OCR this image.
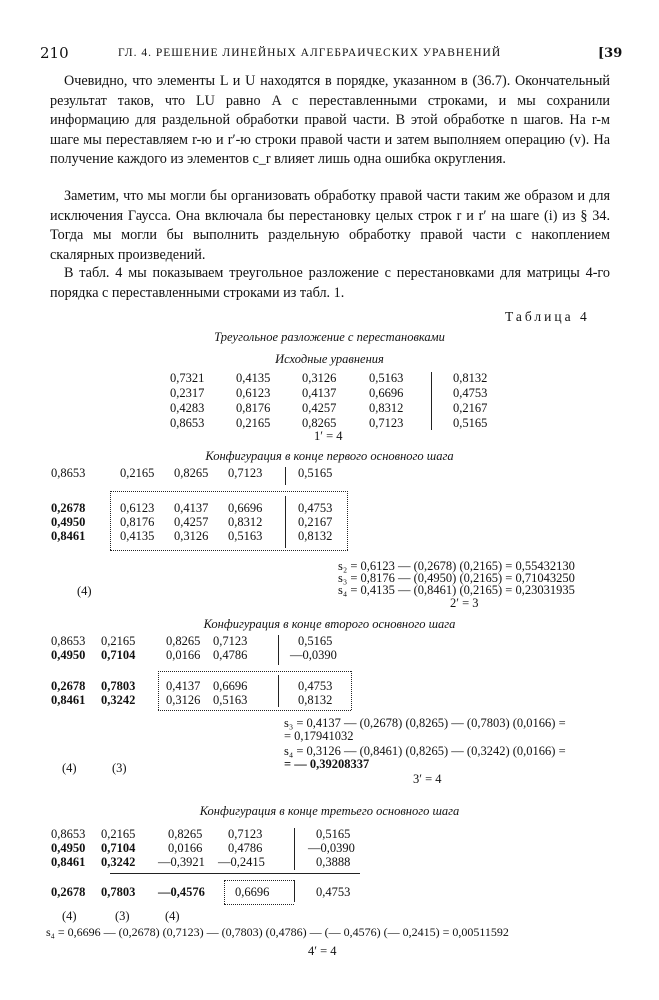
210	ГЛ. 4. РЕШЕНИЕ ЛИНЕЙНЫХ АЛГЕБРАИЧЕСКИХ УРАВНЕНИЙ	[39
Очевидно, что элементы L и U находятся в порядке, указанном в (36.7). Окончательный результат таков, что LU равно A с переставленными строками, и мы сохранили информацию для раздельной обработки правой части. В этой обработке n шагов. На r-м шаге мы переставляем r-ю и r′-ю строки правой части и затем выполняем операцию (v). На получение каждого из элементов c_r влияет лишь одна ошибка округления.
Заметим, что мы могли бы организовать обработку правой части таким же образом и для исключения Гаусса. Она включала бы перестановку целых строк r и r′ на шаге (i) из § 34. Тогда мы могли бы выполнить раздельную обработку правой части с накоплением скалярных произведений.
В табл. 4 мы показываем треугольное разложение с перестановками для матрицы 4-го порядка с переставленными строками из табл. 1.
Таблица 4
Треугольное разложение с перестановками
Исходные уравнения
0,7321	0,4135	0,3126	0,5163	0,8132
0,2317	0,6123	0,4137	0,6696	0,4753
0,4283	0,8176	0,4257	0,8312	0,2167
0,8653	0,2165	0,8265	0,7123	0,5165
1′ = 4
Конфигурация в конце первого основного шага
0,8653	0,2165 0,8265 0,7123	0,5165
0,2678	0,6123 0,4137 0,6696	0,4753
0,4950	0,8176 0,4257 0,8312	0,2167
0,8461	0,4135 0,3126 0,5163	0,8132
s₂ = 0,6123 — (0,2678) (0,2165) = 0,55432130
s₃ = 0,8176 — (0,4950) (0,2165) = 0,71043250
s₄ = 0,4135 — (0,8461) (0,2165) = 0,23031935
(4)
2′ = 3
Конфигурация в конце второго основного шага
0,8653 0,2165 0,8265 0,7123	0,5165
0,4950 0,7104 0,0166 0,4786	—0,0390
0,2678 0,7803 0,4137 0,6696	0,4753
0,8461 0,3242 0,3126 0,5163	0,8132
s₃ = 0,4137 — (0,2678) (0,8265) — (0,7803) (0,0166) =
= 0,17941032
s₄ = 0,3126 — (0,8461) (0,8265) — (0,3242) (0,0166) =
= — 0,39208337
(4)	(3)
3′ = 4
Конфигурация в конце третьего основного шага
0,8653 0,2165	0,8265 0,7123	0,5165
0,4950 0,7104	0,0166 0,4786	—0,0390
0,8461 0,3242 —0,3921 —0,2415	0,3888
0,2678 0,7803 —0,4576 0,6696	0,4753
(4)	(3)	(4)
s₄ = 0,6696 — (0,2678) (0,7123) — (0,7803) (0,4786) — (— 0,4576) (— 0,2415) = 0,00511592
4′ = 4
